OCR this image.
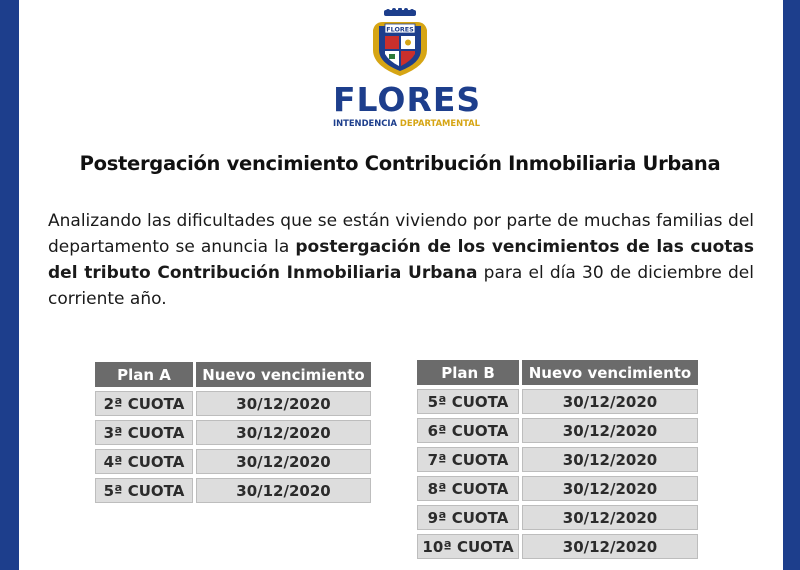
FLORES
FLORES
INTENDENCIA DEPARTAMENTAL
Postergación vencimiento Contribución Inmobiliaria Urbana
Analizando las dificultades que se están viviendo por parte de muchas familias del departamento se anuncia la postergación de los vencimientos de las cuotas del tributo Contribución Inmobiliaria Urbana para el día 30 de diciembre del corriente año.
Plan A	Nuevo vencimiento
2ª CUOTA	30/12/2020
3ª CUOTA	30/12/2020
4ª CUOTA	30/12/2020
5ª CUOTA	30/12/2020
Plan B	Nuevo vencimiento
5ª CUOTA	30/12/2020
6ª CUOTA	30/12/2020
7ª CUOTA	30/12/2020
8ª CUOTA	30/12/2020
9ª CUOTA	30/12/2020
10ª CUOTA	30/12/2020
